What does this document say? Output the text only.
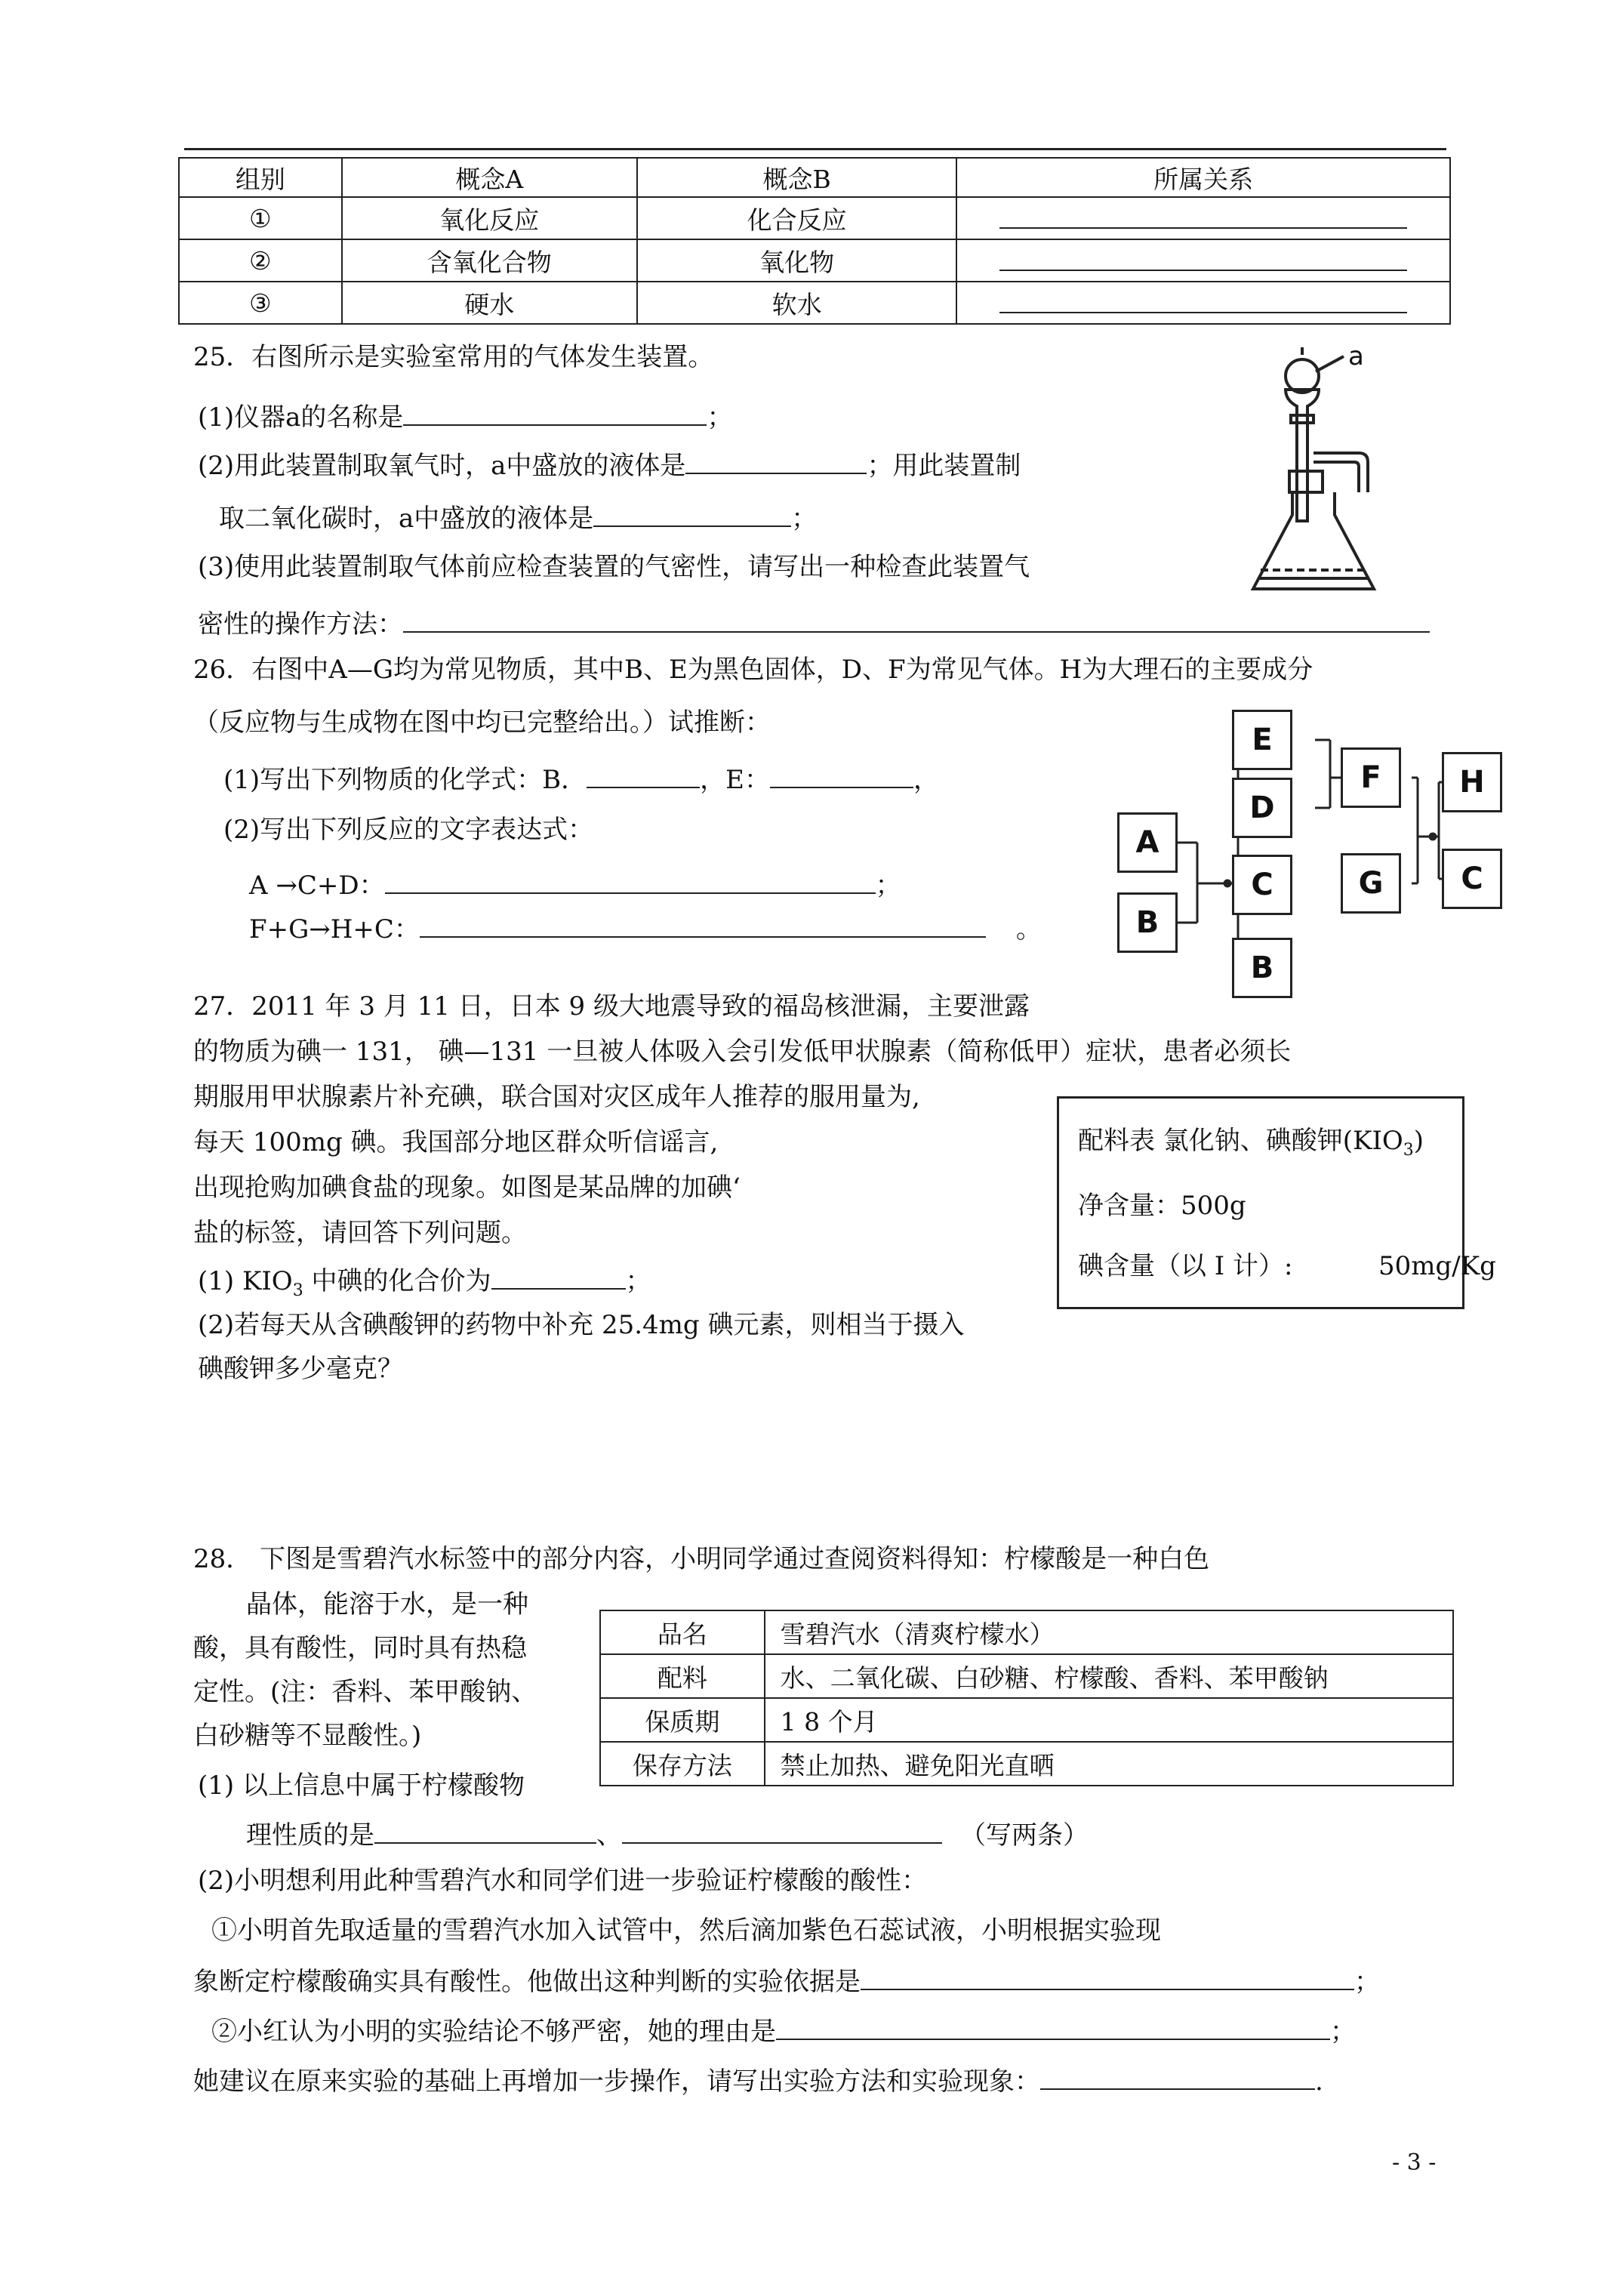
组别	概念A	概念B	所属关系
①	氧化反应	化合反应	
②	含氧化合物	氧化物	
③	硬水	软水	
25．右图所示是实验室常用的气体发生装置。
(1)仪器a的名称是	；
(2)用此装置制取氧气时，a中盛放的液体是	；用此装置制
取二氧化碳时，a中盛放的液体是	；
(3)使用此装置制取气体前应检查装置的气密性，请写出一种检查此装置气
密性的操作方法：
a
26．右图中A—G均为常见物质，其中B、E为黑色固体，D、F为常见气体。H为大理石的主要成分
（反应物与生成物在图中均已完整给出。）试推断：
(1)写出下列物质的化学式：B．	，E：	，
(2)写出下列反应的文字表达式：
A →C+D：	；
F+G→H+C：	。
A
B
E
D
C
B
F
G
H
C
27．2011 年 3 月 11 日，日本 9 级大地震导致的福岛核泄漏，主要泄露
的物质为碘一 131， 碘—131 一旦被人体吸入会引发低甲状腺素（简称低甲）症状，患者必须长
期服用甲状腺素片补充碘，联合国对灾区成年人推荐的服用量为,
每天 100mg 碘。我国部分地区群众听信谣言,
出现抢购加碘食盐的现象。如图是某品牌的加碘‘
盐的标签，请回答下列问题。
(1) $KIO_3$ 中碘的化合价为	；
(2)若每天从含碘酸钾的药物中补充 25.4mg 碘元素，则相当于摄入
碘酸钾多少毫克？
配料表 氯化钠、碘酸钾$(KIO_3)$
净含量：500g
碘含量（以 I 计）:	50mg/Kg
28． 下图是雪碧汽水标签中的部分内容，小明同学通过查阅资料得知：柠檬酸是一种白色
晶体，能溶于水，是一种
酸，具有酸性，同时具有热稳
定性。(注：香料、苯甲酸钠、
白砂糖等不显酸性。)
(1) 以上信息中属于柠檬酸物
理性质的是	、	（写两条）
(2)小明想利用此种雪碧汽水和同学们进一步验证柠檬酸的酸性：
①小明首先取适量的雪碧汽水加入试管中，然后滴加紫色石蕊试液，小明根据实验现
象断定柠檬酸确实具有酸性。他做出这种判断的实验依据是	；
②小红认为小明的实验结论不够严密，她的理由是	；
她建议在原来实验的基础上再增加一步操作，请写出实验方法和实验现象：	.
品名	雪碧汽水（清爽柠檬水）
配料	水、二氧化碳、白砂糖、柠檬酸、香料、苯甲酸钠
保质期	1 8 个月
保存方法	禁止加热、避免阳光直晒
- 3 -
